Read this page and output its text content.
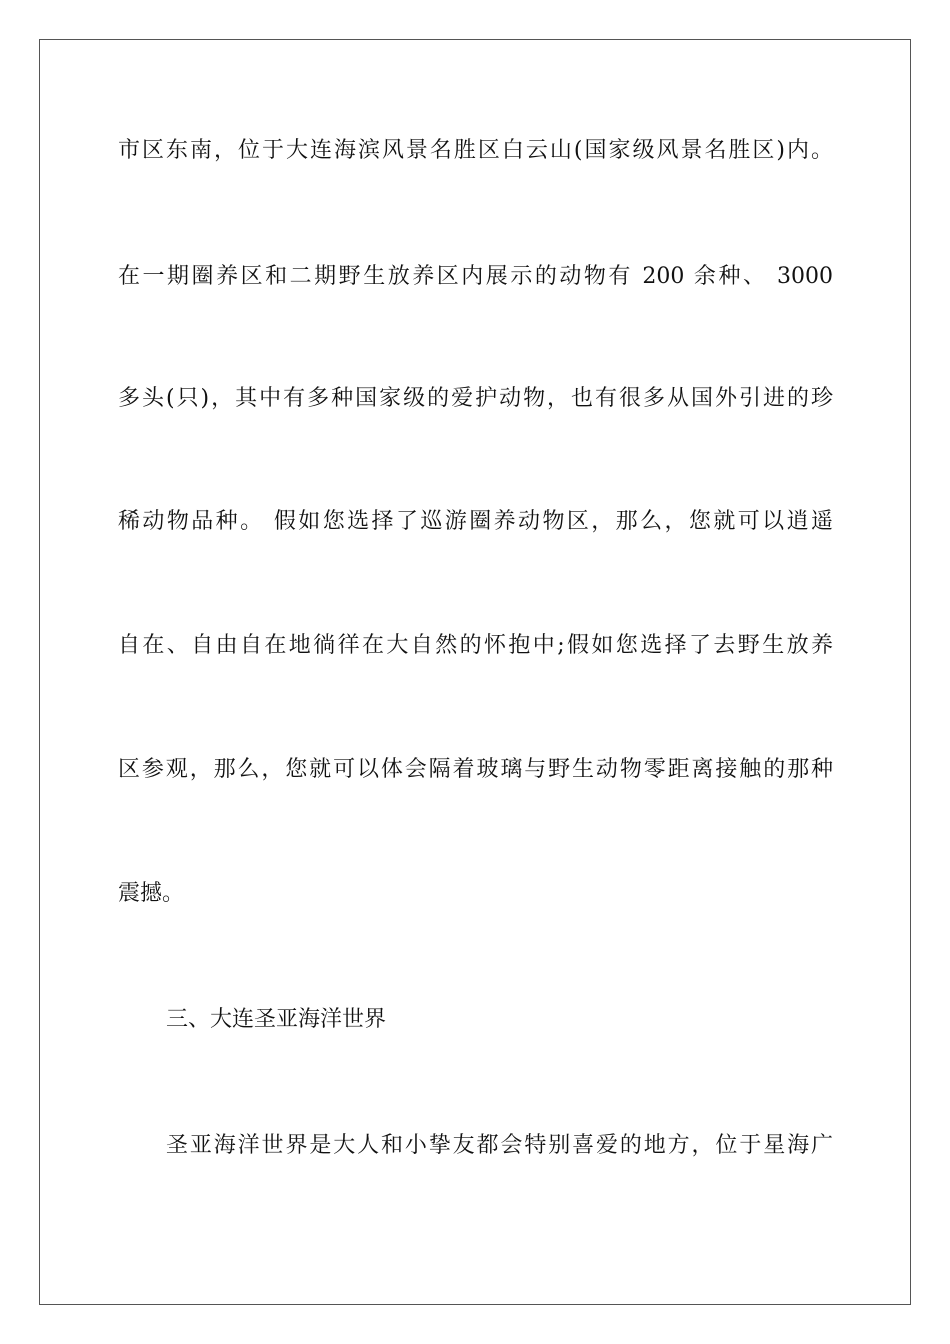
市区东南，位于大连海滨风景名胜区白云山(国家级风景名胜区)内。
在一期圈养区和二期野生放养区内展示的动物有 200 余种、 3000
多头(只)，其中有多种国家级的爱护动物，也有很多从国外引进的珍
稀动物品种。 假如您选择了巡游圈养动物区，那么，您就可以逍遥
自在、自由自在地徜徉在大自然的怀抱中;假如您选择了去野生放养
区参观，那么，您就可以体会隔着玻璃与野生动物零距离接触的那种
震撼。
三、大连圣亚海洋世界
圣亚海洋世界是大人和小挚友都会特别喜爱的地方，位于星海广
